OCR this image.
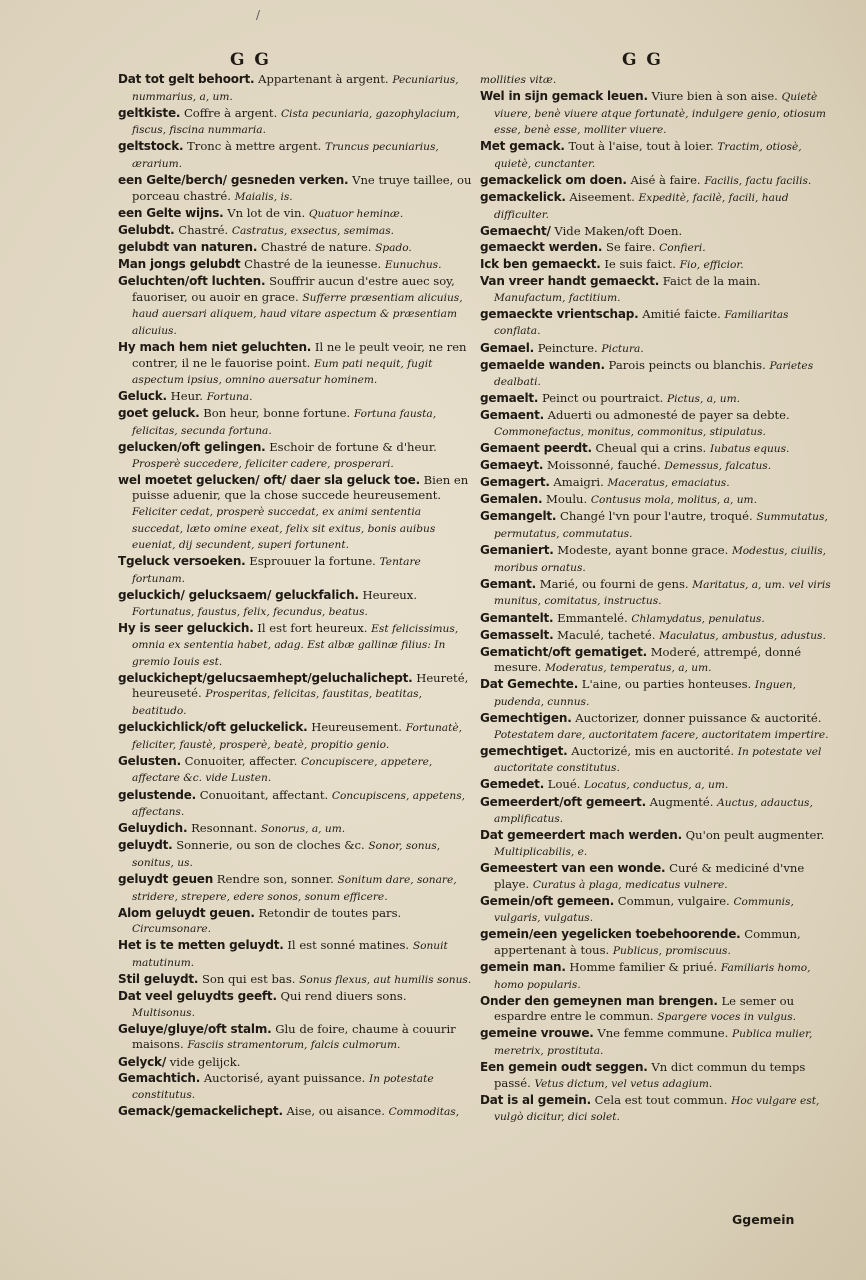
/
G G	G G
Dat tot gelt behoort. Appartenant à argent. Pecuniarius, nummarius, a, um.
geltkiste. Coffre à argent. Cista pecuniaria, gazophylacium, fiscus, fiscina nummaria.
geltstock. Tronc à mettre argent. Truncus pecuniarius, ærarium.
een Gelte/berch/ gesneden verken. Vne truye taillee, ou porceau chastré. Maialis, is.
een Gelte wijns. Vn lot de vin. Quatuor heminæ.
Gelubdt. Chastré. Castratus, exsectus, semimas.
gelubdt van naturen. Chastré de nature. Spado.
Man jongs gelubdt Chastré de la ieunesse. Eunuchus.
Geluchten/oft luchten. Souffrir aucun d'estre auec soy, fauoriser, ou auoir en grace. Sufferre præsentiam alicuius, haud auersari aliquem, haud vitare aspectum & præsentiam alicuius.
Hy mach hem niet geluchten. Il ne le peult veoir, ne ren contrer, il ne le fauorise point. Eum pati nequit, fugit aspectum ipsius, omnino auersatur hominem.
Geluck. Heur. Fortuna.
goet geluck. Bon heur, bonne fortune. Fortuna fausta, felicitas, secunda fortuna.
gelucken/oft gelingen. Eschoir de fortune & d'heur. Prosperè succedere, feliciter cadere, prosperari.
wel moetet gelucken/ oft/ daer sla geluck toe. Bien en puisse aduenir, que la chose succede heureusement. Feliciter cedat, prosperè succedat, ex animi sententia succedat, læto omine exeat, felix sit exitus, bonis auibus eueniat, dij secundent, superi fortunent.
Tgeluck versoeken. Esprouuer la fortune. Tentare fortunam.
geluckich/ gelucksaem/ geluckfalich. Heureux. Fortunatus, faustus, felix, fecundus, beatus.
Hy is seer geluckich. Il est fort heureux. Est felicissimus, omnia ex sententia habet, adag. Est albæ gallinæ filius: In gremio Iouis est.
geluckichept/gelucsaemhept/geluchalichept. Heureté, heureuseté. Prosperitas, felicitas, faustitas, beatitas, beatitudo.
geluckichlick/oft geluckelick. Heureusement. Fortunatè, feliciter, faustè, prosperè, beatè, propitio genio.
Gelusten. Conuoiter, affecter. Concupiscere, appetere, affectare &c. vide Lusten.
gelustende. Conuoitant, affectant. Concupiscens, appetens, affectans.
Geluydich. Resonnant. Sonorus, a, um.
geluydt. Sonnerie, ou son de cloches &c. Sonor, sonus, sonitus, us.
geluydt geuen Rendre son, sonner. Sonitum dare, sonare, stridere, strepere, edere sonos, sonum efficere.
Alom geluydt geuen. Retondir de toutes pars. Circumsonare.
Het is te metten geluydt. Il est sonné matines. Sonuit matutinum.
Stil geluydt. Son qui est bas. Sonus flexus, aut humilis sonus.
Dat veel geluydts geeft. Qui rend diuers sons. Multisonus.
Geluye/gluye/oft stalm. Glu de foire, chaume à couurir maisons. Fasciis stramentorum, falcis culmorum.
Gelyck/ vide gelijck.
Gemachtich. Auctorisé, ayant puissance. In potestate constitutus.
Gemack/gemackelichept. Aise, ou aisance. Commoditas,
mollities vitæ.
Wel in sijn gemack leuen. Viure bien à son aise. Quietè viuere, benè viuere atque fortunatè, indulgere genio, otiosum esse, benè esse, molliter viuere.
Met gemack. Tout à l'aise, tout à loier. Tractim, otiosè, quietè, cunctanter.
gemackelick om doen. Aisé à faire. Facilis, factu facilis.
gemackelick. Aiseement. Expeditè, facilè, facili, haud difficulter.
Gemaecht/ Vide Maken/oft Doen.
gemaeckt werden. Se faire. Confieri.
Ick ben gemaeckt. Ie suis faict. Fio, efficior.
Van vreer handt gemaeckt. Faict de la main. Manufactum, factitium.
gemaeckte vrientschap. Amitié faicte. Familiaritas conflata.
Gemael. Peincture. Pictura.
gemaelde wanden. Parois peincts ou blanchis. Parietes dealbati.
gemaelt. Peinct ou pourtraict. Pictus, a, um.
Gemaent. Aduerti ou admonesté de payer sa debte. Commonefactus, monitus, commonitus, stipulatus.
Gemaent peerdt. Cheual qui a crins. Iubatus equus.
Gemaeyt. Moissonné, fauché. Demessus, falcatus.
Gemagert. Amaigri. Maceratus, emaciatus.
Gemalen. Moulu. Contusus mola, molitus, a, um.
Gemangelt. Changé l'vn pour l'autre, troqué. Summutatus, permutatus, commutatus.
Gemaniert. Modeste, ayant bonne grace. Modestus, ciuilis, moribus ornatus.
Gemant. Marié, ou fourni de gens. Maritatus, a, um. vel viris munitus, comitatus, instructus.
Gemantelt. Emmantelé. Chlamydatus, penulatus.
Gemasselt. Maculé, tacheté. Maculatus, ambustus, adustus.
Gematicht/oft gematiget. Moderé, attrempé, donné mesure. Moderatus, temperatus, a, um.
Dat Gemechte. L'aine, ou parties honteuses. Inguen, pudenda, cunnus.
Gemechtigen. Auctorizer, donner puissance & auctorité. Potestatem dare, auctoritatem facere, auctoritatem impertire.
gemechtiget. Auctorizé, mis en auctorité. In potestate vel auctoritate constitutus.
Gemedet. Loué. Locatus, conductus, a, um.
Gemeerdert/oft gemeert. Augmenté. Auctus, adauctus, amplificatus.
Dat gemeerdert mach werden. Qu'on peult augmenter. Multiplicabilis, e.
Gemeestert van een wonde. Curé & mediciné d'vne playe. Curatus à plaga, medicatus vulnere.
Gemein/oft gemeen. Commun, vulgaire. Communis, vulgaris, vulgatus.
gemein/een yegelicken toebehoorende. Commun, appertenant à tous. Publicus, promiscuus.
gemein man. Homme familier & priué. Familiaris homo, homo popularis.
Onder den gemeynen man brengen. Le semer ou espardre entre le commun. Spargere voces in vulgus.
gemeine vrouwe. Vne femme commune. Publica mulier, meretrix, prostituta.
Een gemein oudt seggen. Vn dict commun du temps passé. Vetus dictum, vel vetus adagium.
Dat is al gemein. Cela est tout commun. Hoc vulgare est, vulgò dicitur, dici solet.
Ggemein
